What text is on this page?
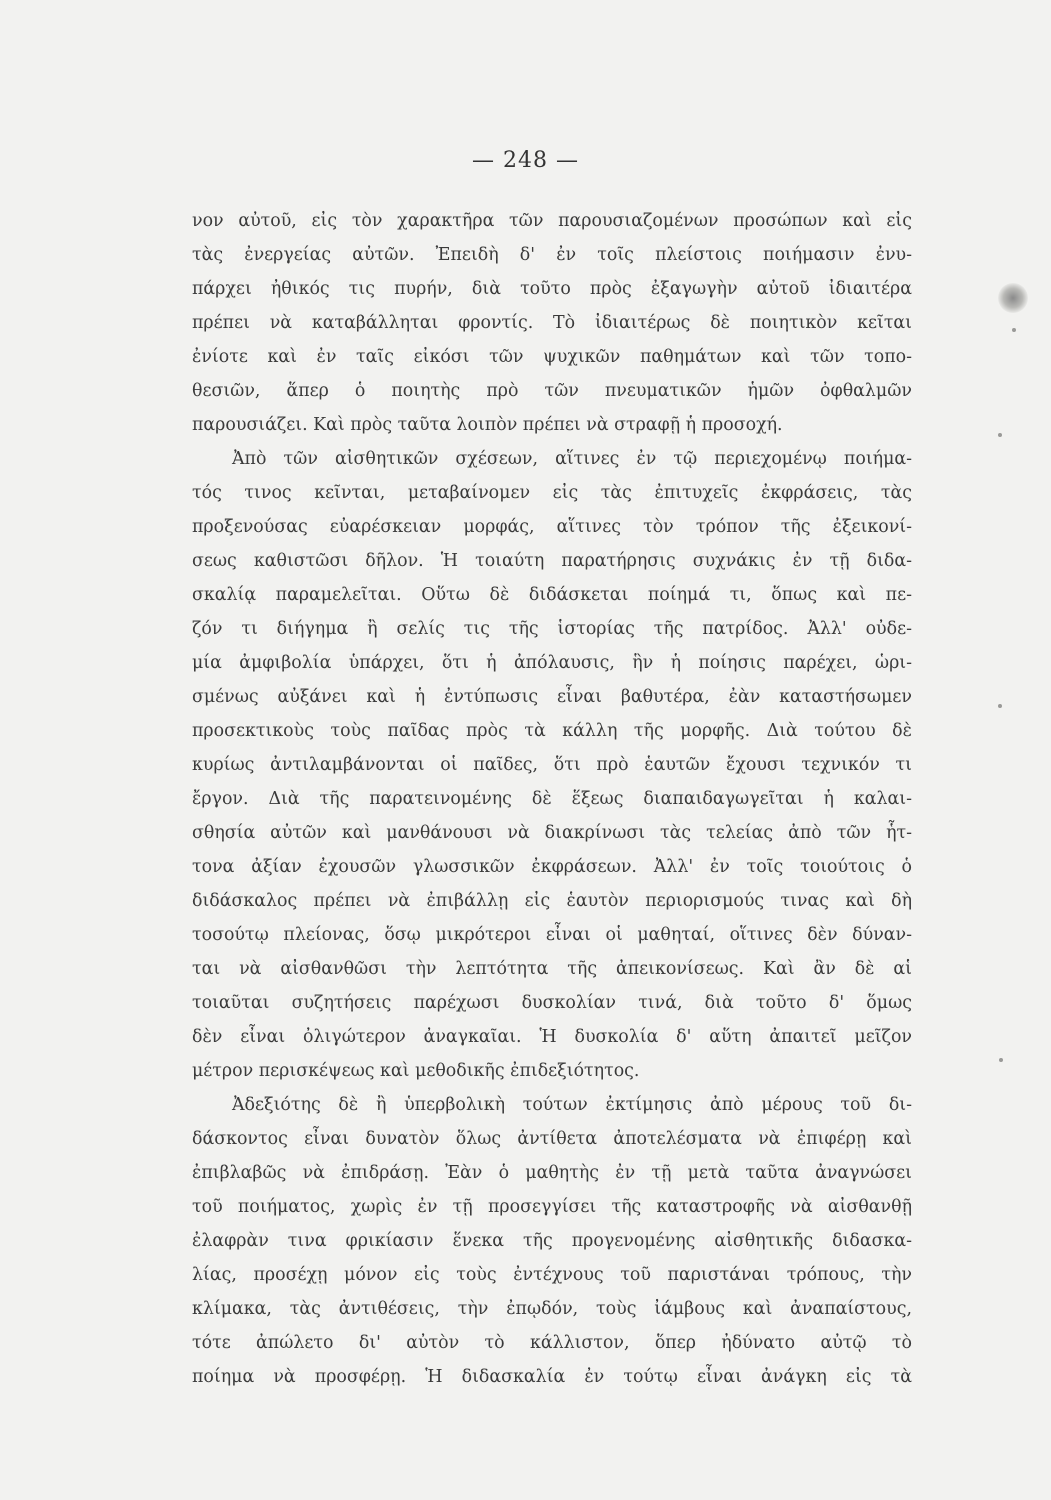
— 248 —
νον αὐτοῦ, εἰς τὸν χαρακτῆρα τῶν παρουσιαζομένων προσώπων καὶ εἰς
τὰς ἐνεργείας αὐτῶν. Ἐπειδὴ δ' ἐν τοῖς πλείστοις ποιήμασιν ἐνυ-
πάρχει ἠθικός τις πυρήν, διὰ τοῦτο πρὸς ἐξαγωγὴν αὐτοῦ ἰδιαιτέρα
πρέπει νὰ καταβάλληται φροντίς. Τὸ ἰδιαιτέρως δὲ ποιητικὸν κεῖται
ἐνίοτε καὶ ἐν ταῖς εἰκόσι τῶν ψυχικῶν παθημάτων καὶ τῶν τοπο-
θεσιῶν, ἅπερ ὁ ποιητὴς πρὸ τῶν πνευματικῶν ἡμῶν ὀφθαλμῶν
παρουσιάζει. Καὶ πρὸς ταῦτα λοιπὸν πρέπει νὰ στραφῇ ἡ προσοχή.
Ἀπὸ τῶν αἰσθητικῶν σχέσεων, αἵτινες ἐν τῷ περιεχομένῳ ποιήμα-
τός τινος κεῖνται, μεταβαίνομεν εἰς τὰς ἐπιτυχεῖς ἐκφράσεις, τὰς
προξενούσας εὐαρέσκειαν μορφάς, αἵτινες τὸν τρόπον τῆς ἐξεικονί-
σεως καθιστῶσι δῆλον. Ἡ τοιαύτη παρατήρησις συχνάκις ἐν τῇ διδα-
σκαλίᾳ παραμελεῖται. Οὕτω δὲ διδάσκεται ποίημά τι, ὅπως καὶ πε-
ζόν τι διήγημα ἢ σελίς τις τῆς ἱστορίας τῆς πατρίδος. Ἀλλ' οὐδε-
μία ἀμφιβολία ὑπάρχει, ὅτι ἡ ἀπόλαυσις, ἣν ἡ ποίησις παρέχει, ὡρι-
σμένως αὐξάνει καὶ ἡ ἐντύπωσις εἶναι βαθυτέρα, ἐὰν καταστήσωμεν
προσεκτικοὺς τοὺς παῖδας πρὸς τὰ κάλλη τῆς μορφῆς. Διὰ τούτου δὲ
κυρίως ἀντιλαμβάνονται οἱ παῖδες, ὅτι πρὸ ἑαυτῶν ἔχουσι τεχνικόν τι
ἔργον. Διὰ τῆς παρατεινομένης δὲ ἕξεως διαπαιδαγωγεῖται ἡ καλαι-
σθησία αὐτῶν καὶ μανθάνουσι νὰ διακρίνωσι τὰς τελείας ἀπὸ τῶν ἧτ-
τονα ἀξίαν ἐχουσῶν γλωσσικῶν ἐκφράσεων. Ἀλλ' ἐν τοῖς τοιούτοις ὁ
διδάσκαλος πρέπει νὰ ἐπιβάλλῃ εἰς ἑαυτὸν περιορισμούς τινας καὶ δὴ
τοσούτῳ πλείονας, ὅσῳ μικρότεροι εἶναι οἱ μαθηταί, οἵτινες δὲν δύναν-
ται νὰ αἰσθανθῶσι τὴν λεπτότητα τῆς ἀπεικονίσεως. Καὶ ἂν δὲ αἱ
τοιαῦται συζητήσεις παρέχωσι δυσκολίαν τινά, διὰ τοῦτο δ' ὅμως
δὲν εἶναι ὀλιγώτερον ἀναγκαῖαι. Ἡ δυσκολία δ' αὕτη ἀπαιτεῖ μεῖζον
μέτρον περισκέψεως καὶ μεθοδικῆς ἐπιδεξιότητος.
Ἀδεξιότης δὲ ἢ ὑπερβολικὴ τούτων ἐκτίμησις ἀπὸ μέρους τοῦ δι-
δάσκοντος εἶναι δυνατὸν ὅλως ἀντίθετα ἀποτελέσματα νὰ ἐπιφέρῃ καὶ
ἐπιβλαβῶς νὰ ἐπιδράσῃ. Ἐὰν ὁ μαθητὴς ἐν τῇ μετὰ ταῦτα ἀναγνώσει
τοῦ ποιήματος, χωρὶς ἐν τῇ προσεγγίσει τῆς καταστροφῆς νὰ αἰσθανθῇ
ἐλαφρὰν τινα φρικίασιν ἕνεκα τῆς προγενομένης αἰσθητικῆς διδασκα-
λίας, προσέχῃ μόνον εἰς τοὺς ἐντέχνους τοῦ παριστάναι τρόπους, τὴν
κλίμακα, τὰς ἀντιθέσεις, τὴν ἐπῳδόν, τοὺς ἰάμβους καὶ ἀναπαίστους,
τότε ἀπώλετο δι' αὐτὸν τὸ κάλλιστον, ὅπερ ἠδύνατο αὐτῷ τὸ
ποίημα νὰ προσφέρῃ. Ἡ διδασκαλία ἐν τούτῳ εἶναι ἀνάγκη εἰς τὰ
